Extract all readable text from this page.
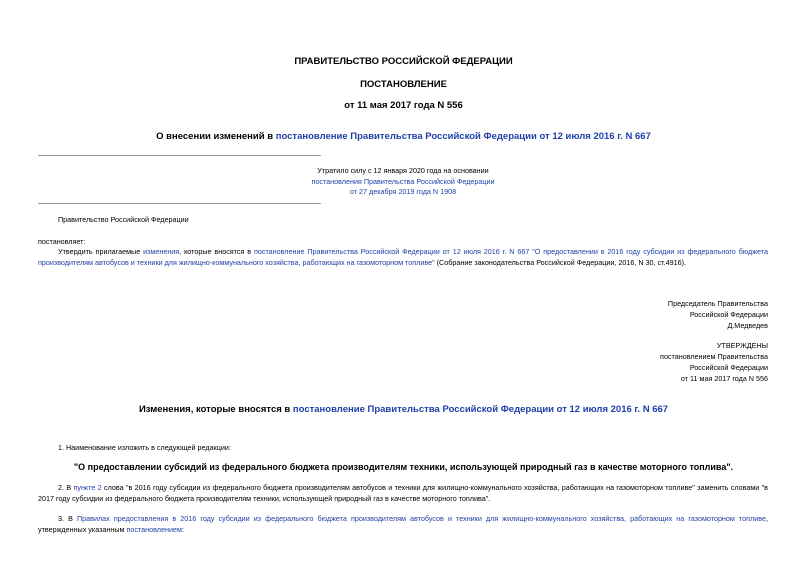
ПРАВИТЕЛЬСТВО РОССИЙСКОЙ ФЕДЕРАЦИИ
ПОСТАНОВЛЕНИЕ
от 11 мая 2017 года N 556
О внесении изменений в постановление Правительства Российской Федерации от 12 июля 2016 г. N 667
Утратило силу с 12 января 2020 года на основании
постановления Правительства Российской Федерации
от 27 декабря 2019 года N 1908
Правительство Российской Федерации
постановляет:
Утвердить прилагаемые изменения, которые вносятся в постановление Правительства Российской Федерации от 12 июля 2016 г. N 667 "О предоставлении в 2016 году субсидии из федерального бюджета производителям автобусов и техники для жилищно-коммунального хозяйства, работающих на газомоторном топливе" (Собрание законодательства Российской Федерации, 2016, N 30, ст.4916).
Председатель Правительства
Российской Федерации
Д.Медведев
УТВЕРЖДЕНЫ
постановлением Правительства
Российской Федерации
от 11 мая 2017 года N 556
Изменения, которые вносятся в постановление Правительства Российской Федерации от 12 июля 2016 г. N 667
1. Наименование изложить в следующей редакции:
"О предоставлении субсидий из федерального бюджета производителям техники, использующей природный газ в качестве моторного топлива".
2. В пункте 2 слова "в 2016 году субсидии из федерального бюджета производителям автобусов и техники для жилищно-коммунального хозяйства, работающих на газомоторном топливе" заменить словами "в 2017 году субсидии из федерального бюджета производителям техники, использующей природный газ в качестве моторного топлива".
3. В Правилах предоставления в 2016 году субсидии из федерального бюджета производителям автобусов и техники для жилищно-коммунального хозяйства, работающих на газомоторном топливе, утвержденных указанным постановлением:
